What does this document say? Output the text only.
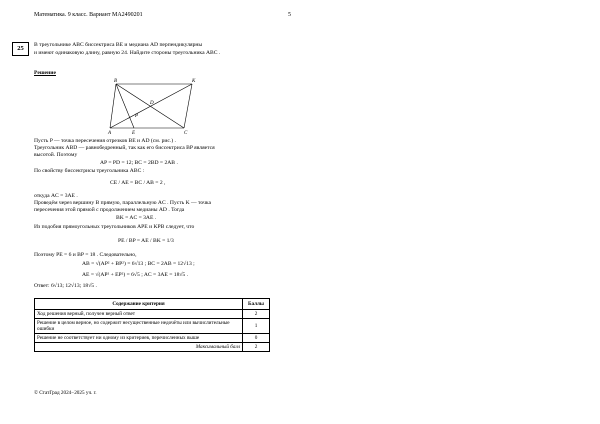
Математика. 9 класс. Вариант МА2490201	5
25	В треугольнике ABC биссектриса BE и медиана AD перпендикулярны
и имеют одинаковую длину, равную 24. Найдите стороны треугольника ABC .
Решение
B	K
D
P
A	E	C
Пусть P — точка пересечения отрезков BE и AD (см. рис.) .
Треугольник ABD — равнобедренный, так как его биссектриса BP является
высотой. Поэтому
AP = PD = 12; BC = 2BD = 2AB .
По свойству биссектрисы треугольника ABC :
CE / AE = BC / AB = 2 ,
откуда AC = 3AE .
Проведём через вершину B прямую, параллельную AC . Пусть K — точка
пересечения этой прямой с продолжением медианы AD . Тогда
BK = AC = 3AE .
Из подобия прямоугольных треугольников APE и KPB следует, что
PE / BP = AE / BK = 1/3
Поэтому PE = 6 и BP = 18 . Следовательно,
AB = √(AP² + BP²) = 6√13 ; BC = 2AB = 12√13 ;
AE = √(AP² + EP²) = 6√5 ; AC = 3AE = 18√5 .
Ответ: 6√13; 12√13; 18√5 .
Содержание критерия	Баллы
Ход решения верный, получен верный ответ	2
Решение в целом верное, но содержит несущественные недочёты или вычислительные ошибки	1
Решение не соответствует ни одному из критериев, перечисленных выше	0
Максимальный балл	2
© СтатГрад 2024−2025 уч. г.
